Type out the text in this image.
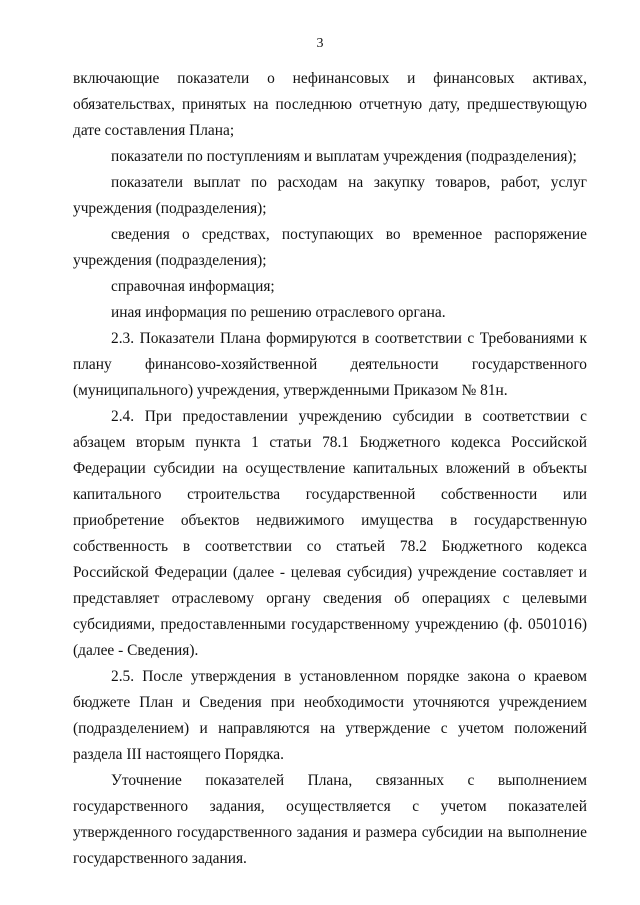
3

включающие показатели о нефинансовых и финансовых активах, обязательствах, принятых на последнюю отчетную дату, предшествующую дате составления Плана;

показатели по поступлениям и выплатам учреждения (подразделения);

показатели выплат по расходам на закупку товаров, работ, услуг учреждения (подразделения);

сведения о средствах, поступающих во временное распоряжение учреждения (подразделения);

справочная информация;

иная информация по решению отраслевого органа.

2.3. Показатели Плана формируются в соответствии с Требованиями к плану финансово-хозяйственной деятельности государственного (муниципального) учреждения, утвержденными Приказом № 81н.

2.4. При предоставлении учреждению субсидии в соответствии с абзацем вторым пункта 1 статьи 78.1 Бюджетного кодекса Российской Федерации субсидии на осуществление капитальных вложений в объекты капитального строительства государственной собственности или приобретение объектов недвижимого имущества в государственную собственность в соответствии со статьей 78.2 Бюджетного кодекса Российской Федерации (далее - целевая субсидия) учреждение составляет и представляет отраслевому органу сведения об операциях с целевыми субсидиями, предоставленными государственному учреждению (ф. 0501016) (далее - Сведения).

2.5. После утверждения в установленном порядке закона о краевом бюджете План и Сведения при необходимости уточняются учреждением (подразделением) и направляются на утверждение с учетом положений раздела III настоящего Порядка.

Уточнение показателей Плана, связанных с выполнением государственного задания, осуществляется с учетом показателей утвержденного государственного задания и размера субсидии на выполнение государственного задания.
